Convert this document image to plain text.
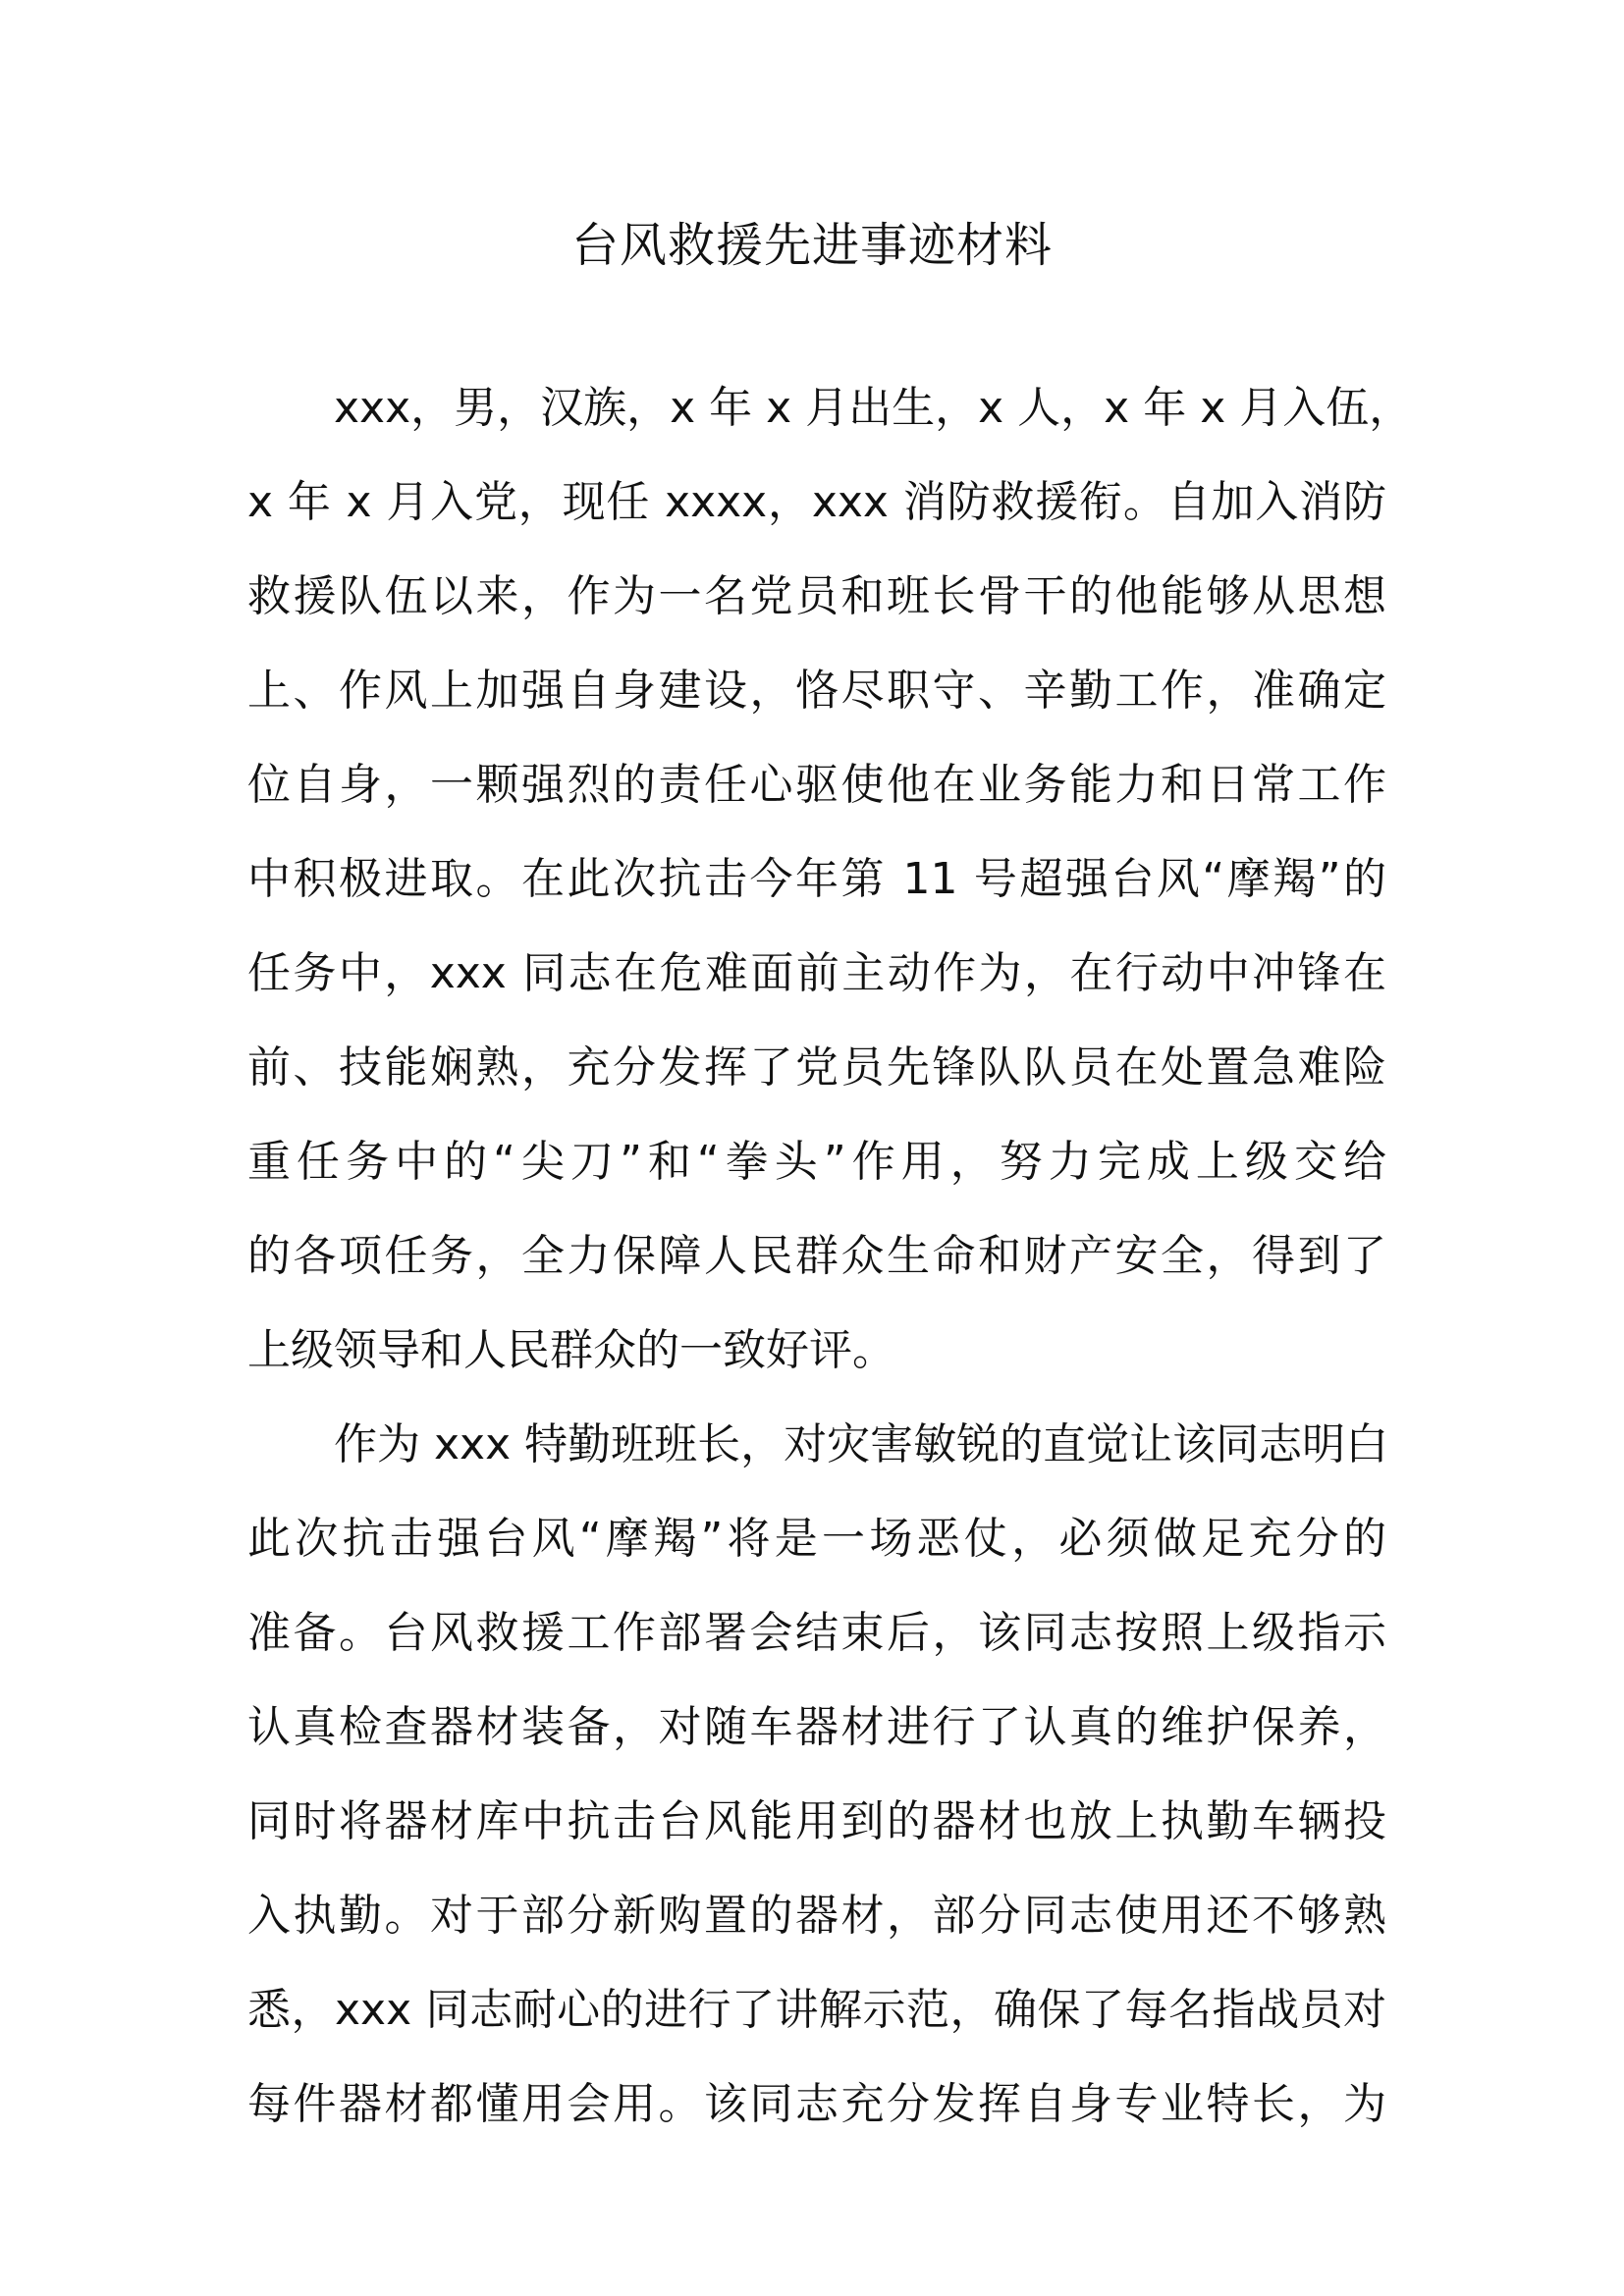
台风救援先进事迹材料
xxx，男，汉族，x 年 x 月出生，x 人，x 年 x 月入伍，
x 年 x 月入党，现任 xxxx，xxx 消防救援衔。自加入消防
救援队伍以来，作为一名党员和班长骨干的他能够从思想
上、作风上加强自身建设，恪尽职守、辛勤工作，准确定
位自身，一颗强烈的责任心驱使他在业务能力和日常工作
中积极进取。在此次抗击今年第 11 号超强台风“摩羯”的
任务中，xxx 同志在危难面前主动作为，在行动中冲锋在
前、技能娴熟，充分发挥了党员先锋队队员在处置急难险
重任务中的“尖刀”和“拳头”作用，努力完成上级交给
的各项任务，全力保障人民群众生命和财产安全，得到了
上级领导和人民群众的一致好评。
作为 xxx 特勤班班长，对灾害敏锐的直觉让该同志明白
此次抗击强台风“摩羯”将是一场恶仗，必须做足充分的
准备。台风救援工作部署会结束后，该同志按照上级指示
认真检查器材装备，对随车器材进行了认真的维护保养，
同时将器材库中抗击台风能用到的器材也放上执勤车辆投
入执勤。对于部分新购置的器材，部分同志使用还不够熟
悉，xxx 同志耐心的进行了讲解示范，确保了每名指战员对
每件器材都懂用会用。该同志充分发挥自身专业特长，为
